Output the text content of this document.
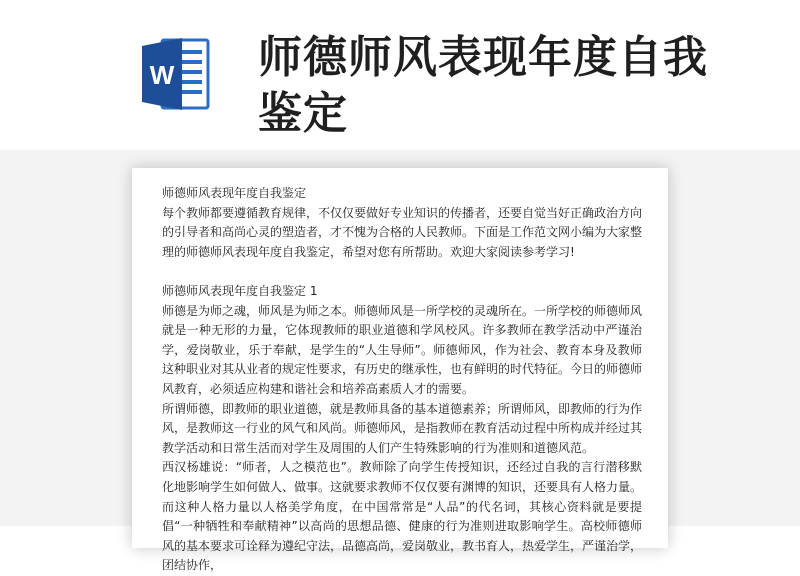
W 师德师风表现年度自我鉴定

师德师风表现年度自我鉴定

每个教师都要遵循教育规律，不仅仅要做好专业知识的传播者，还要自觉当好正确政治方向的引导者和高尚心灵的塑造者，才不愧为合格的人民教师。下面是工作范文网小编为大家整理的师德师风表现年度自我鉴定，希望对您有所帮助。欢迎大家阅读参考学习!

师德师风表现年度自我鉴定 1

师德是为师之魂，师风是为师之本。师德师风是一所学校的灵魂所在。一所学校的师德师风就是一种无形的力量，它体现教师的职业道德和学风校风。许多教师在教学活动中严谨治学，爱岗敬业，乐于奉献，是学生的“人生导师”。师德师风，作为社会、教育本身及教师这种职业对其从业者的规定性要求，有历史的继承性，也有鲜明的时代特征。今日的师德师风教育，必须适应构建和谐社会和培养高素质人才的需要。

所谓师德，即教师的职业道德，就是教师具备的基本道德素养；所谓师风，即教师的行为作风，是教师这一行业的风气和风尚。师德师风，是指教师在教育活动过程中所构成并经过其教学活动和日常生活而对学生及周围的人们产生特殊影响的行为准则和道德风范。

西汉杨雄说：“师者，人之模范也”。教师除了向学生传授知识，还经过自我的言行潜移默化地影响学生如何做人、做事。这就要求教师不仅仅要有渊博的知识，还要具有人格力量。而这种人格力量以人格美学角度，在中国常常是“人品”的代名词，其核心资料就是要提倡“一种牺牲和奉献精神”以高尚的思想品德、健康的行为准则进取影响学生。高校师德师风的基本要求可诠释为遵纪守法，品德高尚，爱岗敬业，教书育人，热爱学生，严谨治学，团结协作，
